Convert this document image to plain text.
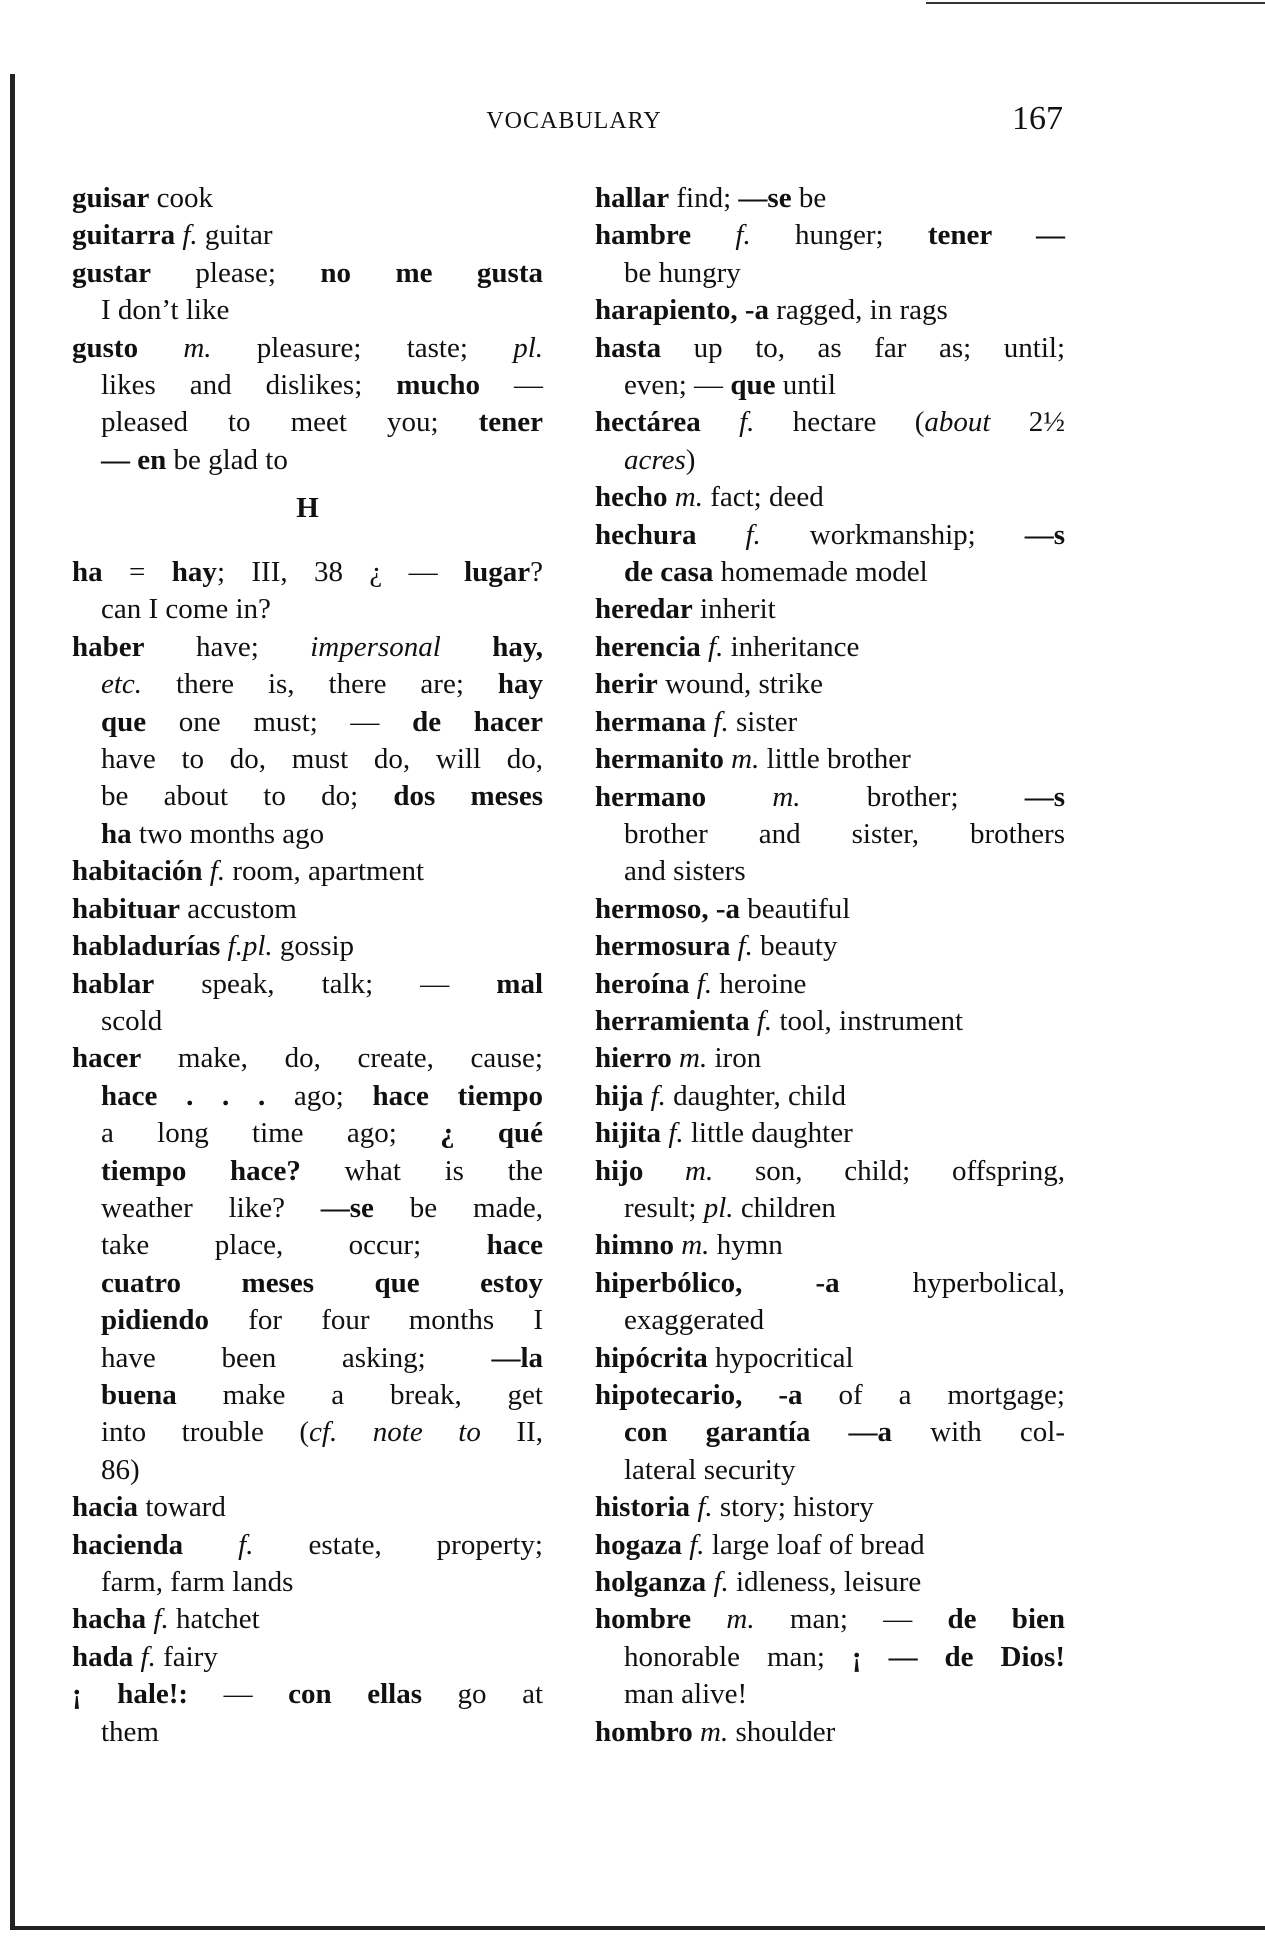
VOCABULARY	167
guisar cook
guitarra f. guitar
gustar please; no me gusta
I don’t like
gusto m. pleasure; taste; pl.
likes and dislikes; mucho —
pleased to meet you; tener
— en be glad to
H
ha = hay; III, 38 ¿ — lugar?
can I come in?
haber have; impersonal hay,
etc. there is, there are; hay
que one must; — de hacer
have to do, must do, will do,
be about to do; dos meses
ha two months ago
habitación f. room, apartment
habituar accustom
habladurías f.pl. gossip
hablar speak, talk; — mal
scold
hacer make, do, create, cause;
hace . . . ago; hace tiempo
a long time ago; ¿ qué
tiempo hace? what is the
weather like? —se be made,
take place, occur; hace
cuatro meses que estoy
pidiendo for four months I
have been asking; —la
buena make a break, get
into trouble (cf. note to II,
86)
hacia toward
hacienda f. estate, property;
farm, farm lands
hacha f. hatchet
hada f. fairy
¡ hale!: — con ellas go at
them
hallar find; —se be
hambre f. hunger; tener —
be hungry
harapiento, -a ragged, in rags
hasta up to, as far as; until;
even; — que until
hectárea f. hectare (about 2½
acres)
hecho m. fact; deed
hechura f. workmanship; —s
de casa homemade model
heredar inherit
herencia f. inheritance
herir wound, strike
hermana f. sister
hermanito m. little brother
hermano m. brother; —s
brother and sister, brothers
and sisters
hermoso, -a beautiful
hermosura f. beauty
heroína f. heroine
herramienta f. tool, instrument
hierro m. iron
hija f. daughter, child
hijita f. little daughter
hijo m. son, child; offspring,
result; pl. children
himno m. hymn
hiperbólico, -a hyperbolical,
exaggerated
hipócrita hypocritical
hipotecario, -a of a mortgage;
con garantía —a with col-
lateral security
historia f. story; history
hogaza f. large loaf of bread
holganza f. idleness, leisure
hombre m. man; — de bien
honorable man; ¡ — de Dios!
man alive!
hombro m. shoulder
